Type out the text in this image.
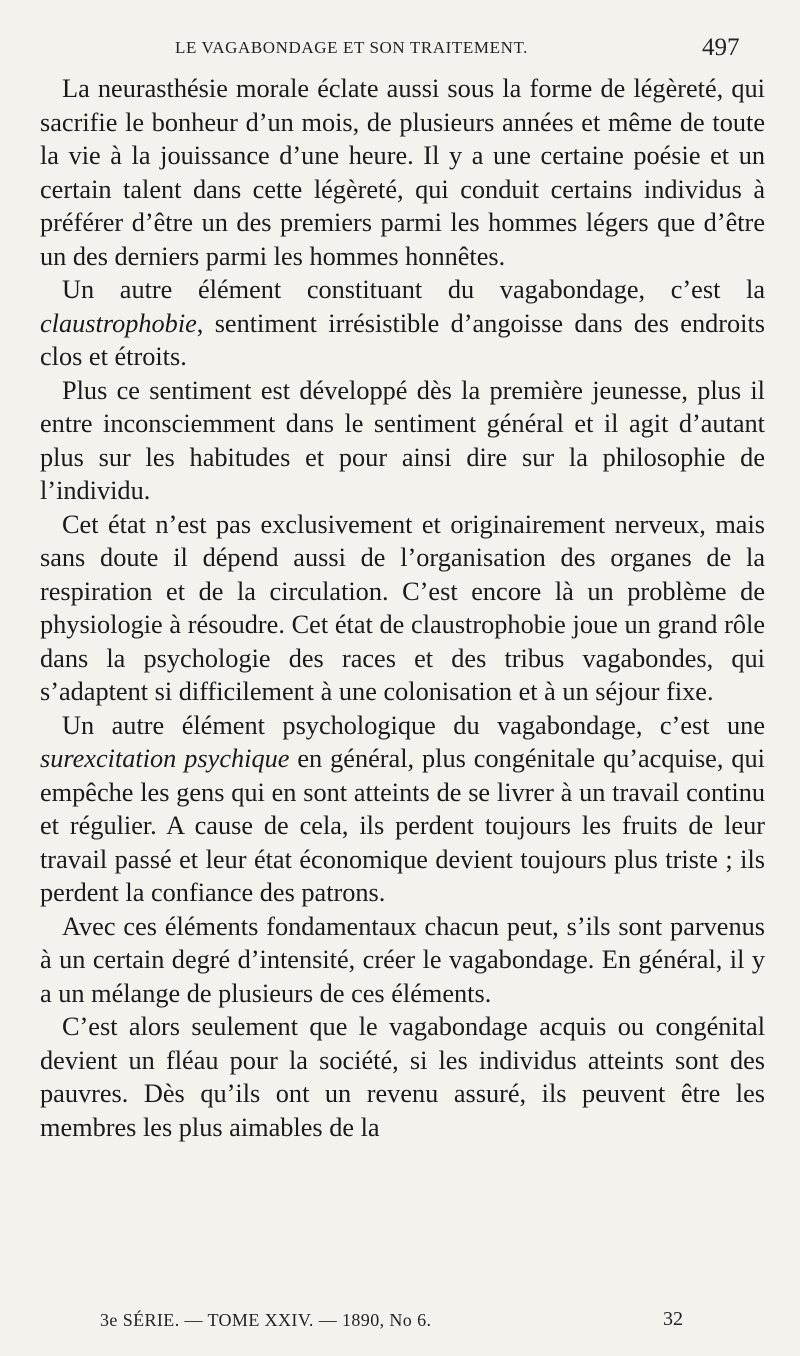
LE VAGABONDAGE ET SON TRAITEMENT.	497

La neurasthésie morale éclate aussi sous la forme de légèreté, qui sacrifie le bonheur d’un mois, de plusieurs années et même de toute la vie à la jouissance d’une heure. Il y a une certaine poésie et un certain talent dans cette légèreté, qui conduit certains individus à préférer d’être un des premiers parmi les hommes légers que d’être un des derniers parmi les hommes honnêtes.

Un autre élément constituant du vagabondage, c’est la claustrophobie, sentiment irrésistible d’angoisse dans des endroits clos et étroits.

Plus ce sentiment est développé dès la première jeunesse, plus il entre inconsciemment dans le sentiment général et il agit d’autant plus sur les habitudes et pour ainsi dire sur la philosophie de l’individu.

Cet état n’est pas exclusivement et originairement nerveux, mais sans doute il dépend aussi de l’organisation des organes de la respiration et de la circulation. C’est encore là un problème de physiologie à résoudre. Cet état de claustrophobie joue un grand rôle dans la psychologie des races et des tribus vagabondes, qui s’adaptent si difficilement à une colonisation et à un séjour fixe.

Un autre élément psychologique du vagabondage, c’est une surexcitation psychique en général, plus congénitale qu’acquise, qui empêche les gens qui en sont atteints de se livrer à un travail continu et régulier. A cause de cela, ils perdent toujours les fruits de leur travail passé et leur état économique devient toujours plus triste ; ils perdent la confiance des patrons.

Avec ces éléments fondamentaux chacun peut, s’ils sont parvenus à un certain degré d’intensité, créer le vagabondage. En général, il y a un mélange de plusieurs de ces éléments.

C’est alors seulement que le vagabondage acquis ou congénital devient un fléau pour la société, si les individus atteints sont des pauvres. Dès qu’ils ont un revenu assuré, ils peuvent être les membres les plus aimables de la

3e SÉRIE. — TOME XXIV. — 1890, No 6.	32
